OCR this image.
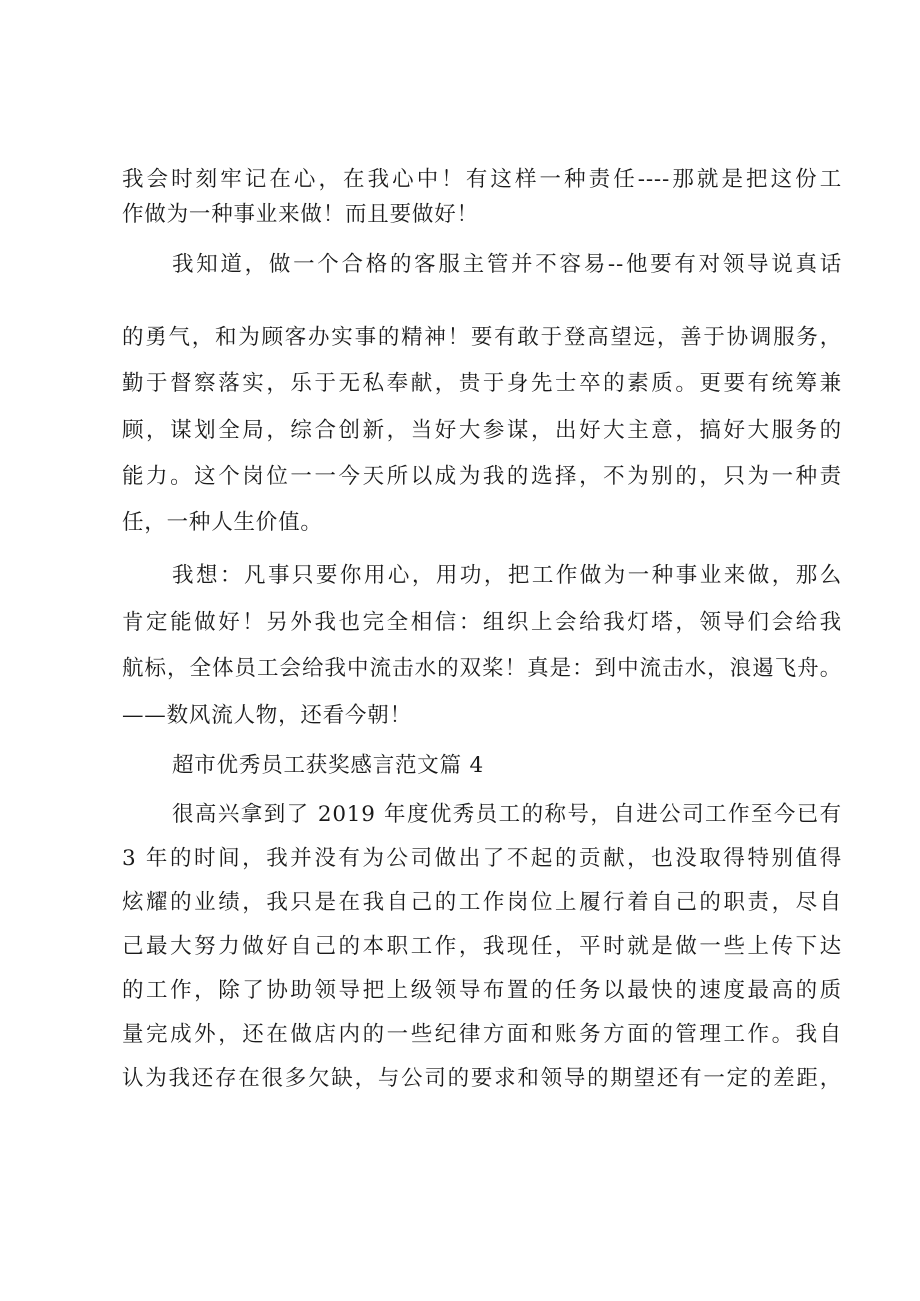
我会时刻牢记在心，在我心中！有这样一种责任----那就是把这份工
作做为一种事业来做！而且要做好！
我知道，做一个合格的客服主管并不容易--他要有对领导说真话
的勇气，和为顾客办实事的精神！要有敢于登高望远，善于协调服务，
勤于督察落实，乐于无私奉献，贵于身先士卒的素质。更要有统筹兼
顾，谋划全局，综合创新，当好大参谋，出好大主意，搞好大服务的
能力。这个岗位一一今天所以成为我的选择，不为别的，只为一种责
任，一种人生价值。
我想：凡事只要你用心，用功，把工作做为一种事业来做，那么
肯定能做好！另外我也完全相信：组织上会给我灯塔，领导们会给我
航标，全体员工会给我中流击水的双桨！真是：到中流击水，浪遏飞舟。
——数风流人物，还看今朝！
超市优秀员工获奖感言范文篇 4
很高兴拿到了 2019 年度优秀员工的称号，自进公司工作至今已有
3 年的时间，我并没有为公司做出了不起的贡献，也没取得特别值得
炫耀的业绩，我只是在我自己的工作岗位上履行着自己的职责，尽自
己最大努力做好自己的本职工作，我现任，平时就是做一些上传下达
的工作，除了协助领导把上级领导布置的任务以最快的速度最高的质
量完成外，还在做店内的一些纪律方面和账务方面的管理工作。我自
认为我还存在很多欠缺，与公司的要求和领导的期望还有一定的差距，
